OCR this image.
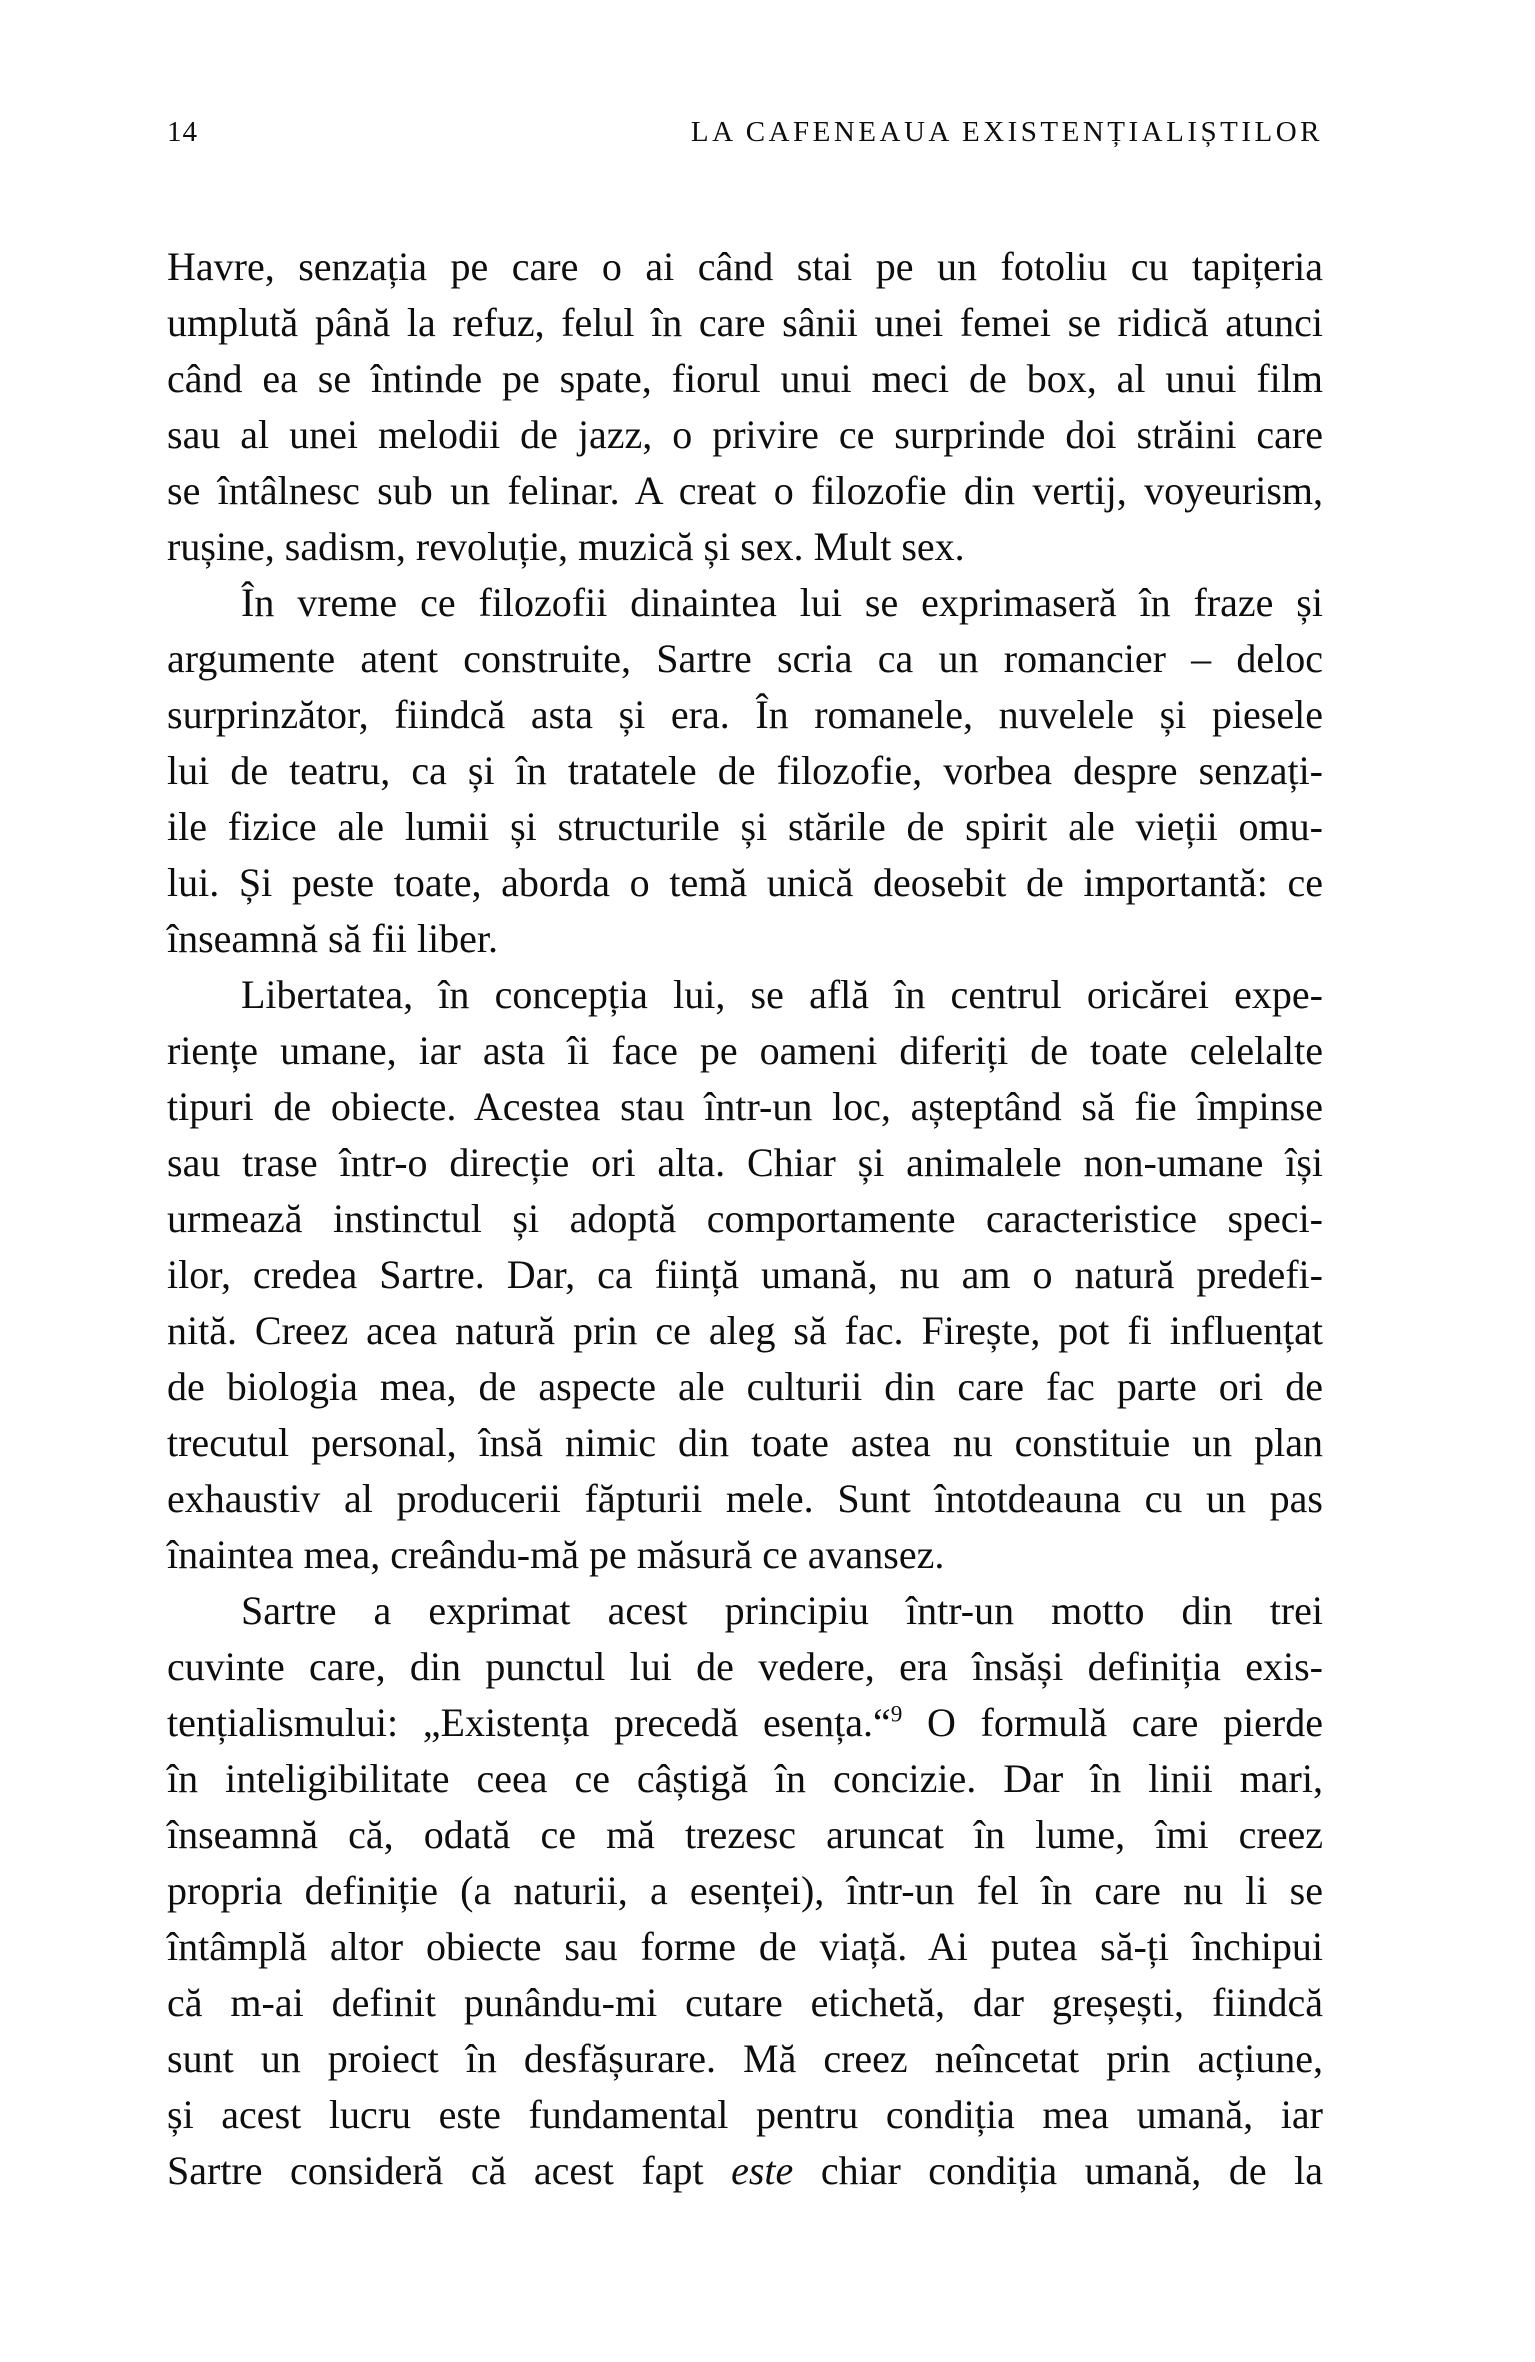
14	LA CAFENEAUA EXISTENȚIALIȘTILOR
Havre, senzația pe care o ai când stai pe un fotoliu cu tapițeria
umplută până la refuz, felul în care sânii unei femei se ridică atunci
când ea se întinde pe spate, fiorul unui meci de box, al unui film
sau al unei melodii de jazz, o privire ce surprinde doi străini care
se întâlnesc sub un felinar. A creat o filozofie din vertij, voyeurism,
rușine, sadism, revoluție, muzică și sex. Mult sex.
În vreme ce filozofii dinaintea lui se exprimaseră în fraze și
argumente atent construite, Sartre scria ca un romancier – deloc
surprinzător, fiindcă asta și era. În romanele, nuvelele și piesele
lui de teatru, ca și în tratatele de filozofie, vorbea despre senzați-
ile fizice ale lumii și structurile și stările de spirit ale vieții omu-
lui. Și peste toate, aborda o temă unică deosebit de importantă: ce
înseamnă să fii liber.
Libertatea, în concepția lui, se află în centrul oricărei expe-
riențe umane, iar asta îi face pe oameni diferiți de toate celelalte
tipuri de obiecte. Acestea stau într-un loc, așteptând să fie împinse
sau trase într-o direcție ori alta. Chiar și animalele non-umane își
urmează instinctul și adoptă comportamente caracteristice speci-
ilor, credea Sartre. Dar, ca ființă umană, nu am o natură predefi-
nită. Creez acea natură prin ce aleg să fac. Firește, pot fi influențat
de biologia mea, de aspecte ale culturii din care fac parte ori de
trecutul personal, însă nimic din toate astea nu constituie un plan
exhaustiv al producerii făpturii mele. Sunt întotdeauna cu un pas
înaintea mea, creându-mă pe măsură ce avansez.
Sartre a exprimat acest principiu într-un motto din trei
cuvinte care, din punctul lui de vedere, era însăși definiția exis-
tențialismului: „Existența precedă esența.“$^9$ O formulă care pierde
în inteligibilitate ceea ce câștigă în concizie. Dar în linii mari,
înseamnă că, odată ce mă trezesc aruncat în lume, îmi creez
propria definiție (a naturii, a esenței), într-un fel în care nu li se
întâmplă altor obiecte sau forme de viață. Ai putea să-ți închipui
că m-ai definit punându-mi cutare etichetă, dar greșești, fiindcă
sunt un proiect în desfășurare. Mă creez neîncetat prin acțiune,
și acest lucru este fundamental pentru condiția mea umană, iar
Sartre consideră că acest fapt este chiar condiția umană, de la
